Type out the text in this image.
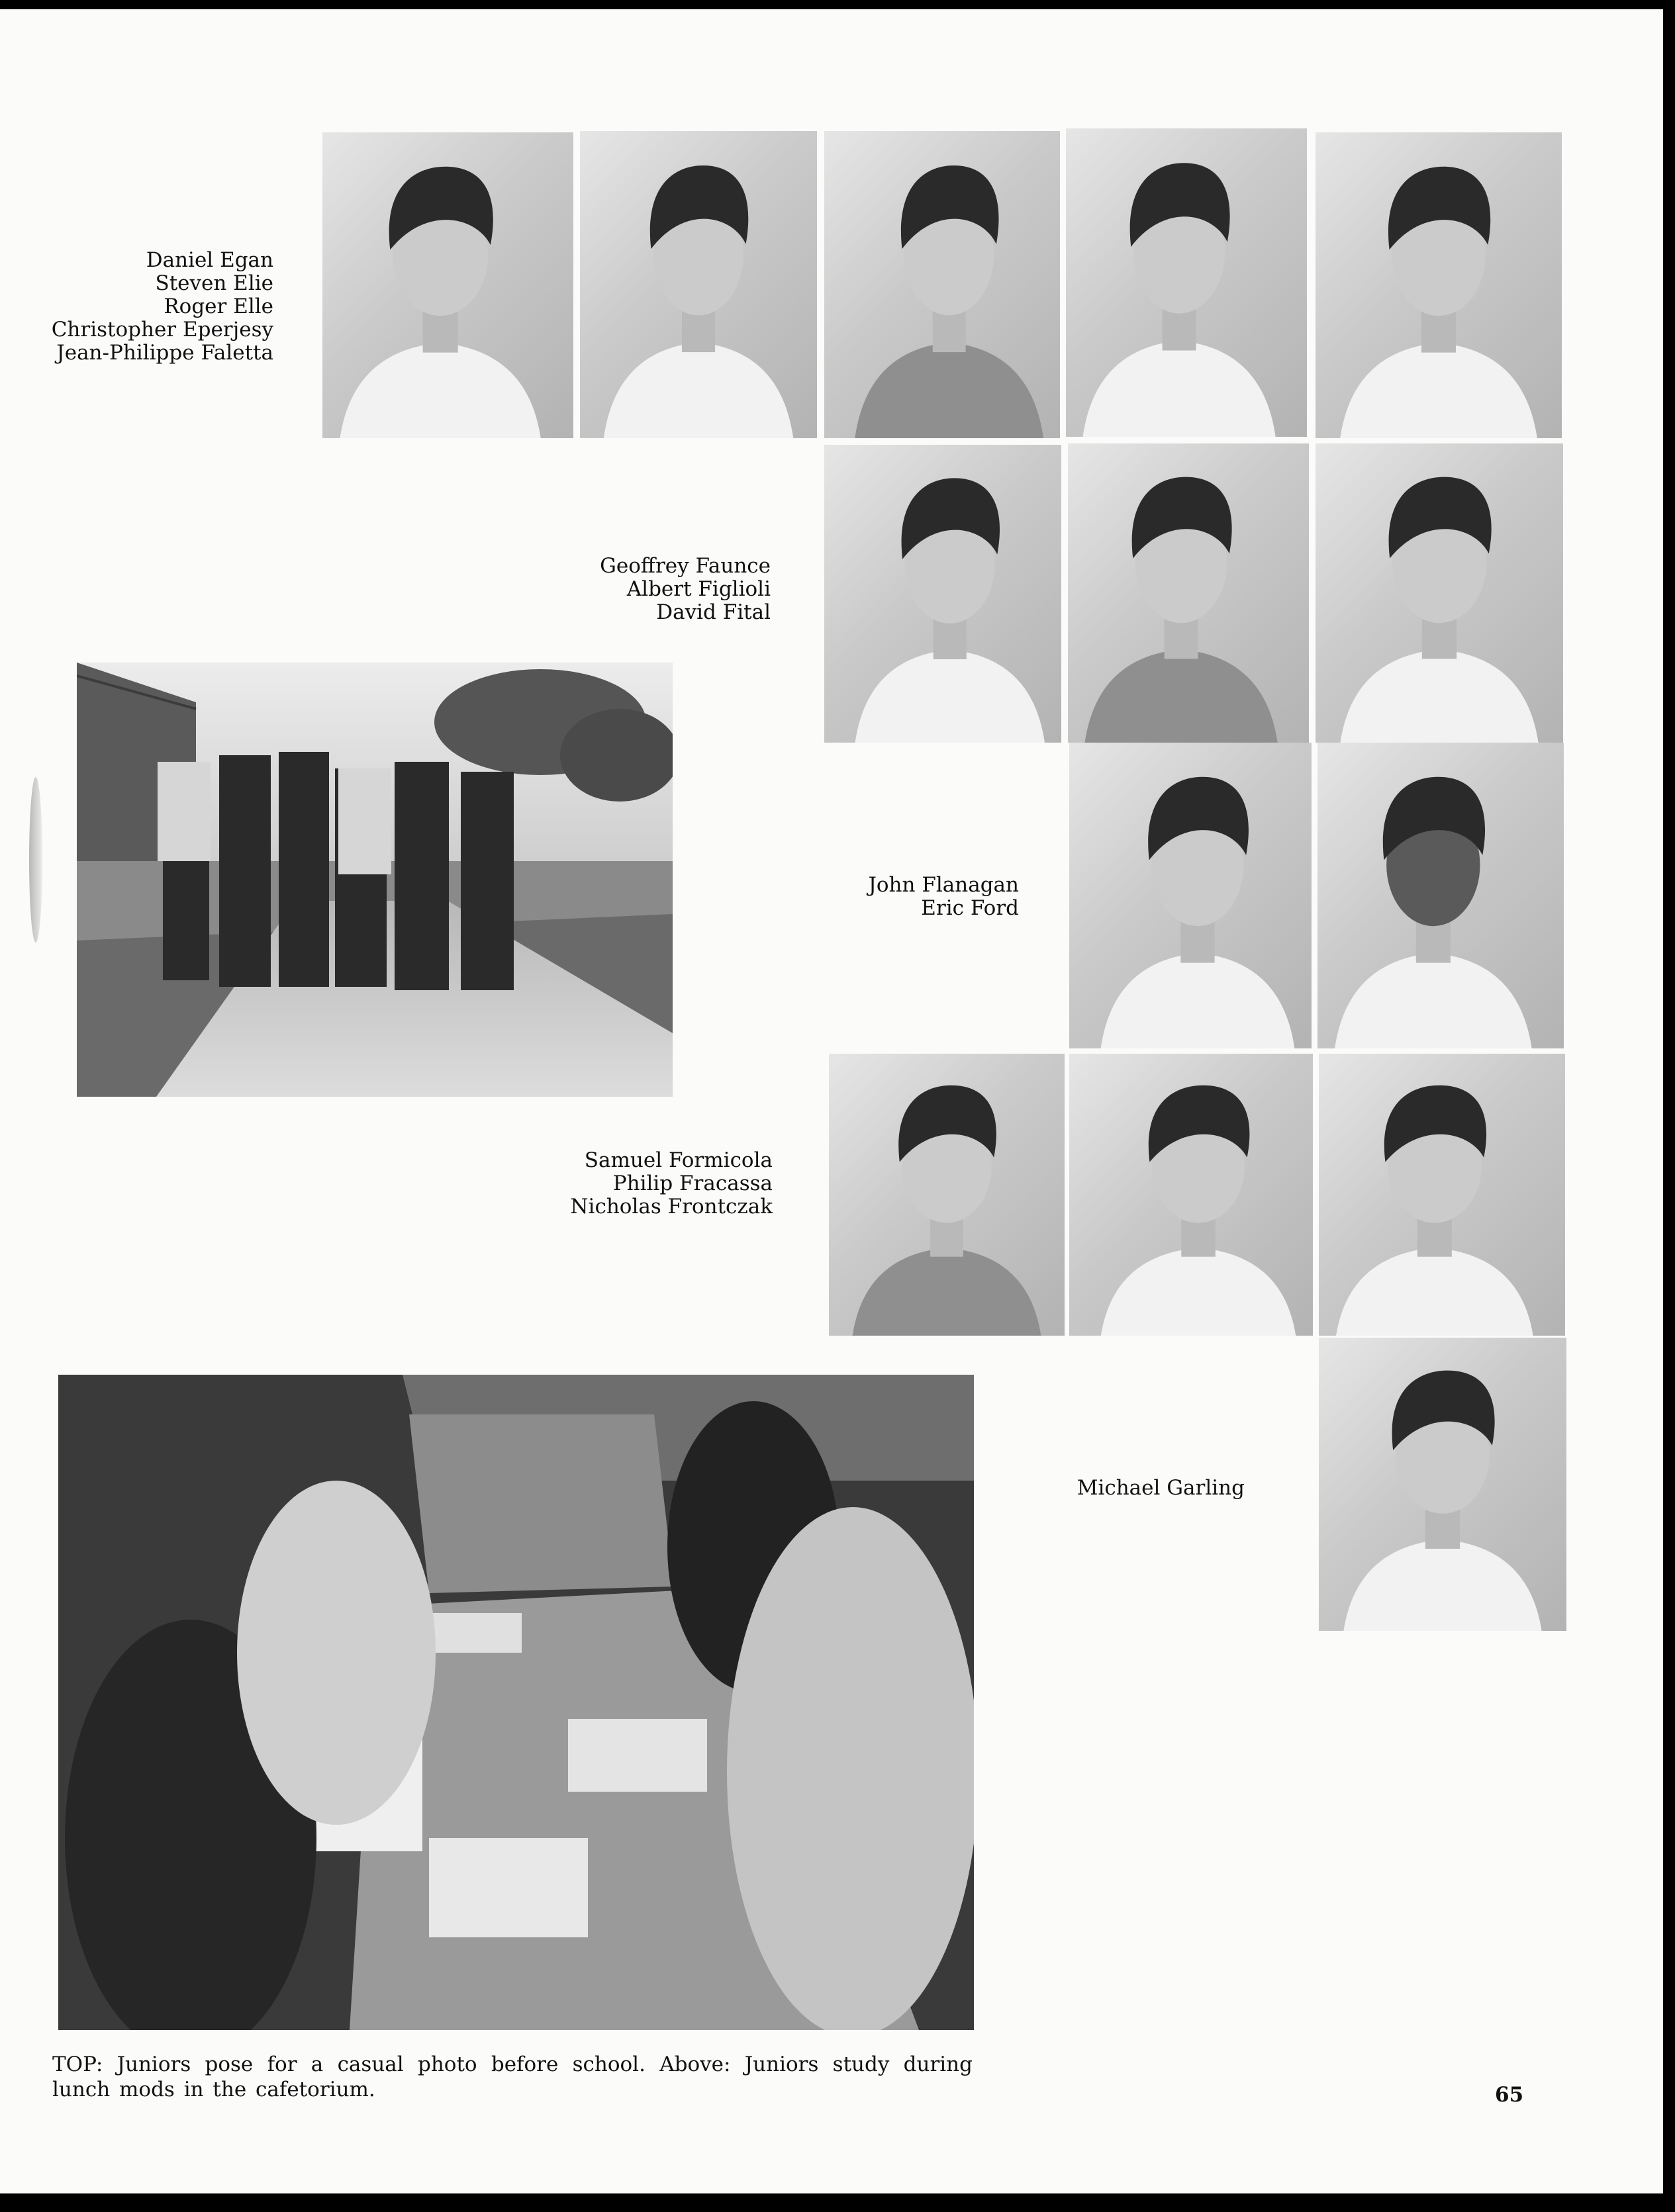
Daniel Egan
Steven Elie
Roger Elle
Christopher Eperjesy
Jean-Philippe Faletta
Geoffrey Faunce
Albert Figlioli
David Fital
John Flanagan
Eric Ford
Samuel Formicola
Philip Fracassa
Nicholas Frontczak
Michael Garling
TOP: Juniors pose for a casual photo before school. Above: Juniors study during lunch mods in the cafetorium.	65
